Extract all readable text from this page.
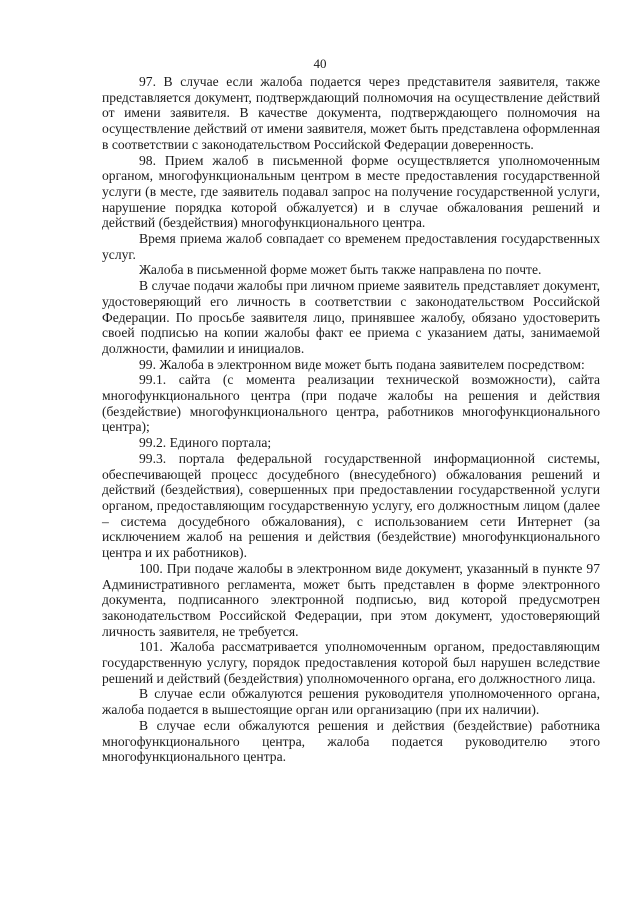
40

97. В случае если жалоба подается через представителя заявителя, также представляется документ, подтверждающий полномочия на осуществление действий от имени заявителя. В качестве документа, подтверждающего полномочия на осуществление действий от имени заявителя, может быть представлена оформленная в соответствии с законодательством Российской Федерации доверенность.

98. Прием жалоб в письменной форме осуществляется уполномоченным органом, многофункциональным центром в месте предоставления государственной услуги (в месте, где заявитель подавал запрос на получение государственной услуги, нарушение порядка которой обжалуется) и в случае обжалования решений и действий (бездействия) многофункционального центра.

Время приема жалоб совпадает со временем предоставления государственных услуг.

Жалоба в письменной форме может быть также направлена по почте.

В случае подачи жалобы при личном приеме заявитель представляет документ, удостоверяющий его личность в соответствии с законодательством Российской Федерации. По просьбе заявителя лицо, принявшее жалобу, обязано удостоверить своей подписью на копии жалобы факт ее приема с указанием даты, занимаемой должности, фамилии и инициалов.

99. Жалоба в электронном виде может быть подана заявителем посредством:

99.1. сайта (с момента реализации технической возможности), сайта многофункционального центра (при подаче жалобы на решения и действия (бездействие) многофункционального центра, работников многофункционального центра);

99.2. Единого портала;

99.3. портала федеральной государственной информационной системы, обеспечивающей процесс досудебного (внесудебного) обжалования решений и действий (бездействия), совершенных при предоставлении государственной услуги органом, предоставляющим государственную услугу, его должностным лицом (далее – система досудебного обжалования), с использованием сети Интернет (за исключением жалоб на решения и действия (бездействие) многофункционального центра и их работников).

100. При подаче жалобы в электронном виде документ, указанный в пункте 97 Административного регламента, может быть представлен в форме электронного документа, подписанного электронной подписью, вид которой предусмотрен законодательством Российской Федерации, при этом документ, удостоверяющий личность заявителя, не требуется.

101. Жалоба рассматривается уполномоченным органом, предоставляющим государственную услугу, порядок предоставления которой был нарушен вследствие решений и действий (бездействия) уполномоченного органа, его должностного лица.

В случае если обжалуются решения руководителя уполномоченного органа, жалоба подается в вышестоящие орган или организацию (при их наличии).

В случае если обжалуются решения и действия (бездействие) работника многофункционального центра, жалоба подается руководителю этого многофункционального центра.
